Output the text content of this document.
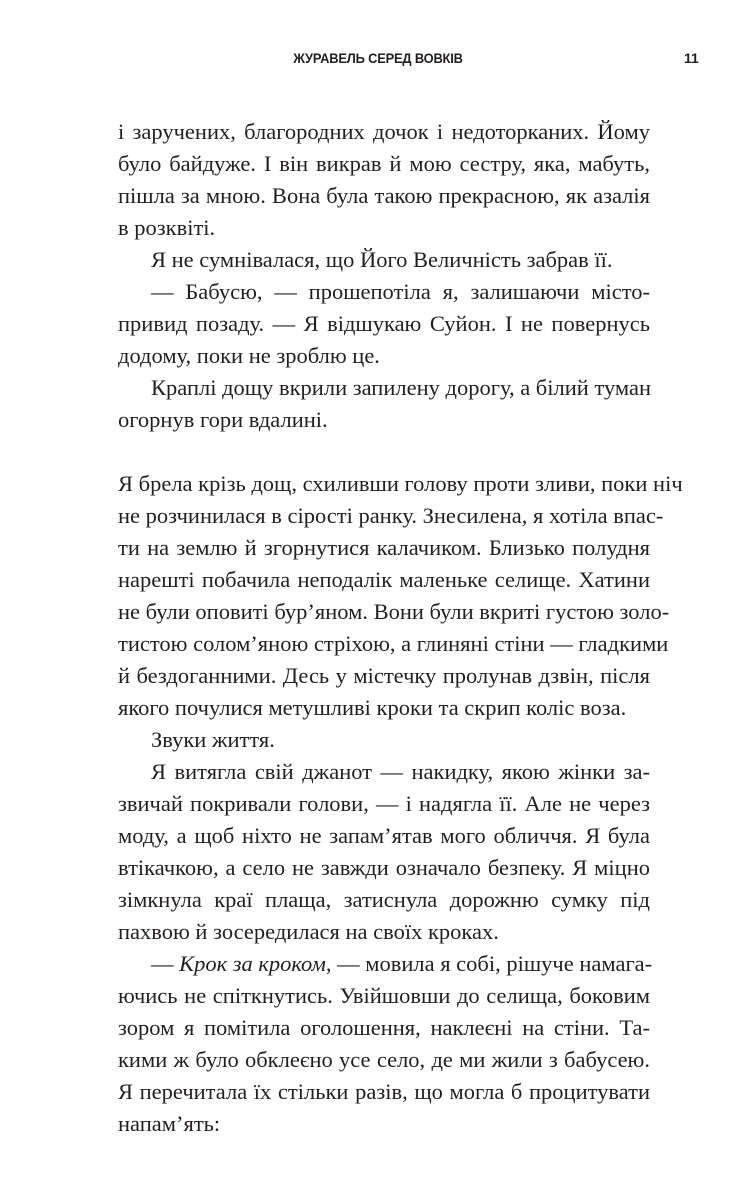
ЖУРАВЕЛЬ СЕРЕД ВОВКІВ	11
і заручених, благородних дочок і недоторканих. Йому
було байдуже. І він викрав й мою сестру, яка, мабуть,
пішла за мною. Вона була такою прекрасною, як азалія
в розквіті.
Я не сумнівалася, що Його Величність забрав її.
— Бабусю, — прошепотіла я, залишаючи місто-
привид позаду. — Я відшукаю Суйон. І не повернусь
додому, поки не зроблю це.
Краплі дощу вкрили запилену дорогу, а білий туман
огорнув гори вдалині.
Я брела крізь дощ, схиливши голову проти зливи, поки ніч
не розчинилася в сірості ранку. Знесилена, я хотіла впас-
ти на землю й згорнутися калачиком. Близько полудня
нарешті побачила неподалік маленьке селище. Хатини
не були оповиті бур’яном. Вони були вкриті густою золо-
тистою солом’яною стріхою, а глиняні стіни — гладкими
й бездоганними. Десь у містечку пролунав дзвін, після
якого почулися метушливі кроки та скрип коліс воза.
Звуки життя.
Я витягла свій джанот — накидку, якою жінки за-
звичай покривали голови, — і надягла її. Але не через
моду, а щоб ніхто не запам’ятав мого обличчя. Я була
втікачкою, а село не завжди означало безпеку. Я міцно
зімкнула краї плаща, затиснула дорожню сумку під
пахвою й зосередилася на своїх кроках.
— Крок за кроком, — мовила я собі, рішуче намага-
ючись не спіткнутись. Увійшовши до селища, боковим
зором я помітила оголошення, наклеєні на стіни. Та-
кими ж було обклеєно усе село, де ми жили з бабусею.
Я перечитала їх стільки разів, що могла б процитувати
напам’ять:
